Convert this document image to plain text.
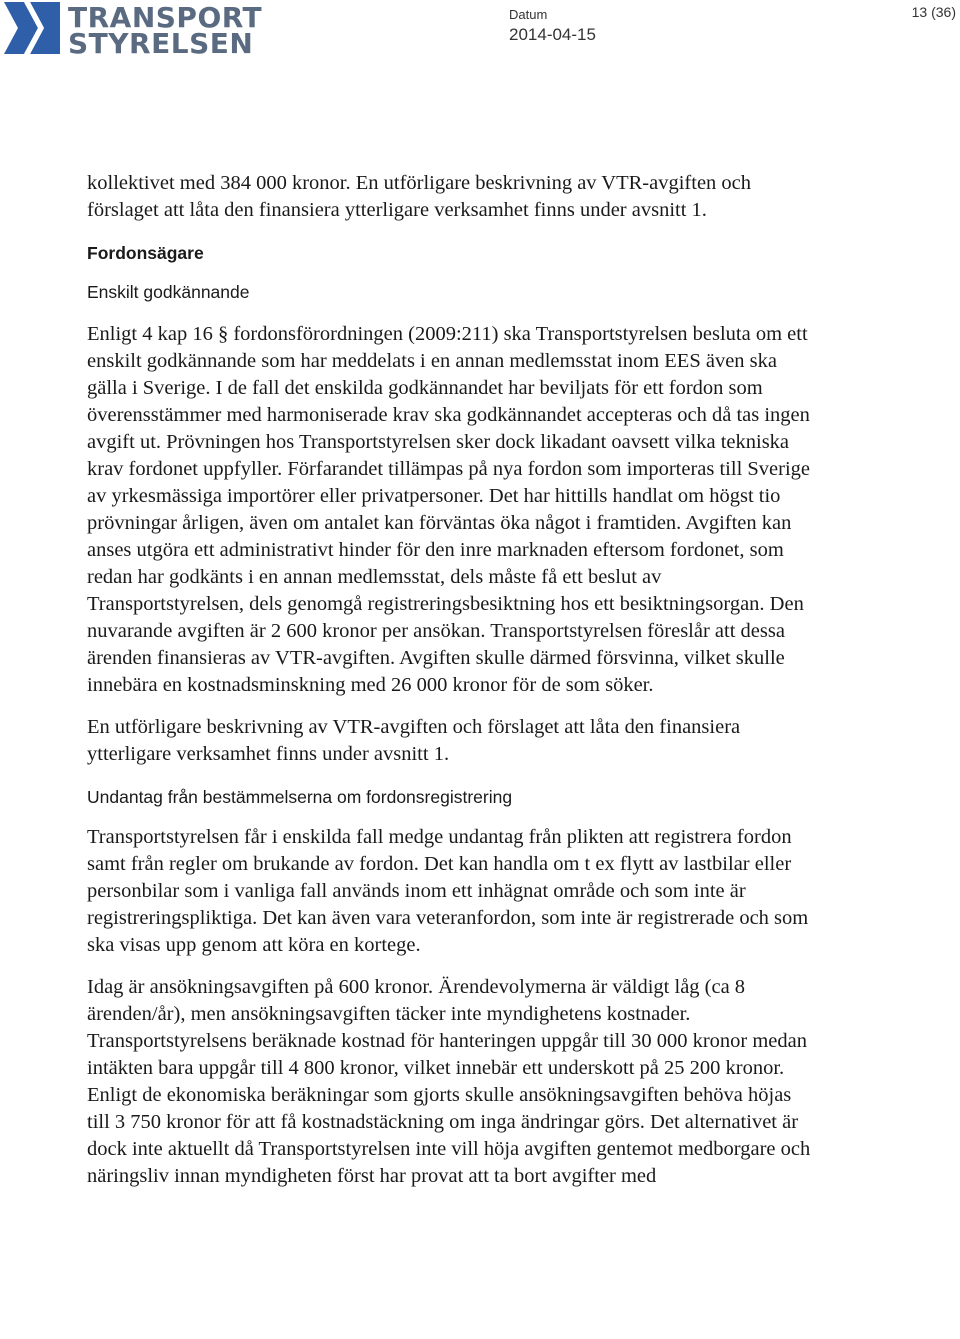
TRANSPORT
STYRELSEN
Datum
2014-04-15
13 (36)

kollektivet med 384 000 kronor. En utförligare beskrivning av VTR-avgiften och förslaget att låta den finansiera ytterligare verksamhet finns under avsnitt 1.

Fordonsägare

Enskilt godkännande

Enligt 4 kap 16 § fordonsförordningen (2009:211) ska Transportstyrelsen besluta om ett enskilt godkännande som har meddelats i en annan medlemsstat inom EES även ska gälla i Sverige. I de fall det enskilda godkännandet har beviljats för ett fordon som överensstämmer med harmoniserade krav ska godkännandet accepteras och då tas ingen avgift ut. Prövningen hos Transportstyrelsen sker dock likadant oavsett vilka tekniska krav fordonet uppfyller. Förfarandet tillämpas på nya fordon som importeras till Sverige av yrkesmässiga importörer eller privatpersoner. Det har hittills handlat om högst tio prövningar årligen, även om antalet kan förväntas öka något i framtiden. Avgiften kan anses utgöra ett administrativt hinder för den inre marknaden eftersom fordonet, som redan har godkänts i en annan medlemsstat, dels måste få ett beslut av Transportstyrelsen, dels genomgå registreringsbesiktning hos ett besiktningsorgan. Den nuvarande avgiften är 2 600 kronor per ansökan. Transportstyrelsen föreslår att dessa ärenden finansieras av VTR-avgiften. Avgiften skulle därmed försvinna, vilket skulle innebära en kostnadsminskning med 26 000 kronor för de som söker.

En utförligare beskrivning av VTR-avgiften och förslaget att låta den finansiera ytterligare verksamhet finns under avsnitt 1.

Undantag från bestämmelserna om fordonsregistrering

Transportstyrelsen får i enskilda fall medge undantag från plikten att registrera fordon samt från regler om brukande av fordon. Det kan handla om t ex flytt av lastbilar eller personbilar som i vanliga fall används inom ett inhägnat område och som inte är registreringspliktiga. Det kan även vara veteranfordon, som inte är registrerade och som ska visas upp genom att köra en kortege.

Idag är ansökningsavgiften på 600 kronor. Ärendevolymerna är väldigt låg (ca 8 ärenden/år), men ansökningsavgiften täcker inte myndighetens kostnader. Transportstyrelsens beräknade kostnad för hanteringen uppgår till 30 000 kronor medan intäkten bara uppgår till 4 800 kronor, vilket innebär ett underskott på 25 200 kronor. Enligt de ekonomiska beräkningar som gjorts skulle ansökningsavgiften behöva höjas till 3 750 kronor för att få kostnadstäckning om inga ändringar görs. Det alternativet är dock inte aktuellt då Transportstyrelsen inte vill höja avgiften gentemot medborgare och näringsliv innan myndigheten först har provat att ta bort avgifter med
